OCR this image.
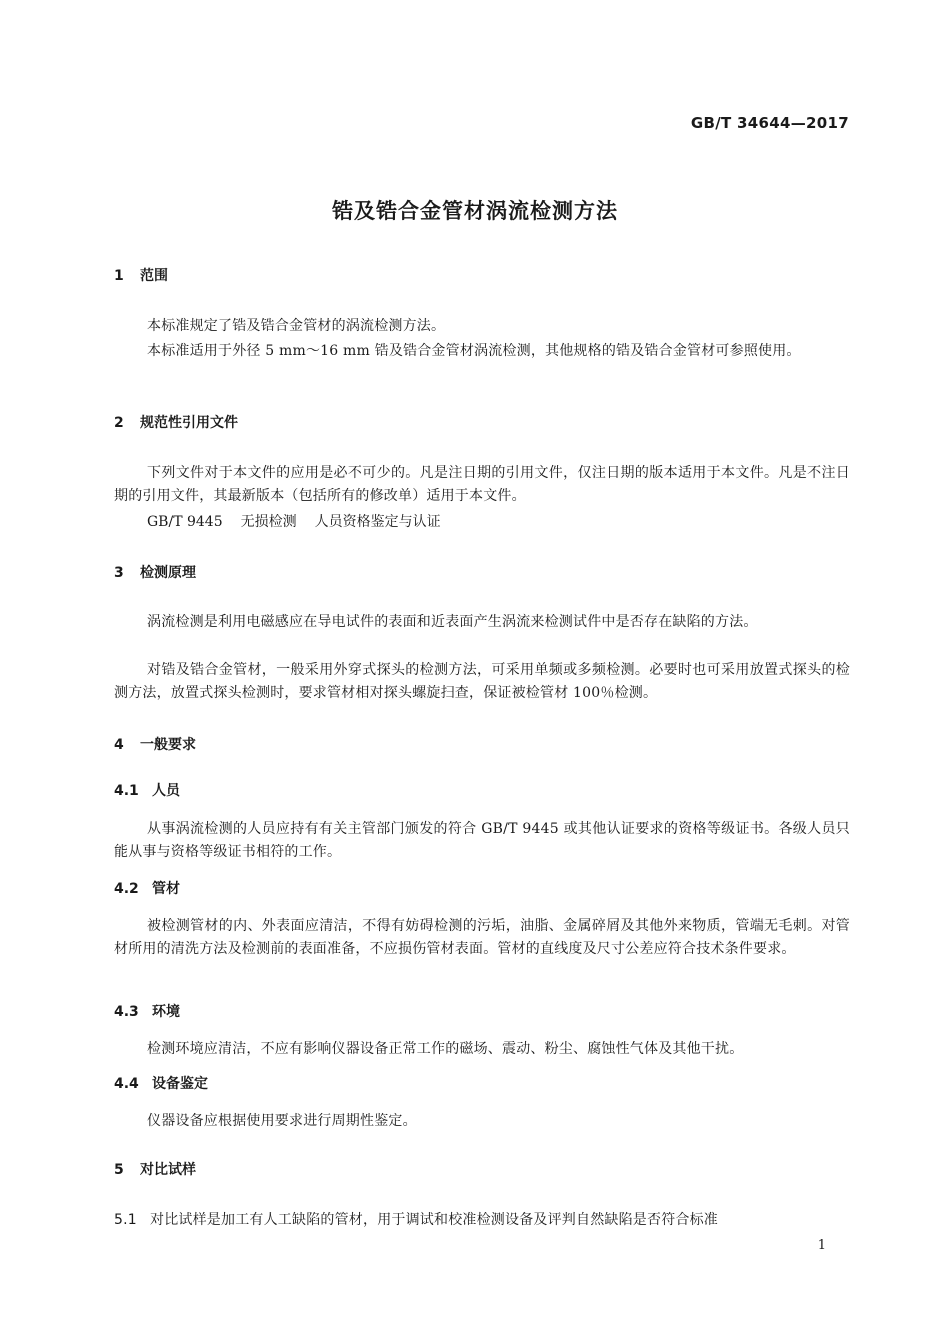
GB/T 34644—2017
锆及锆合金管材涡流检测方法
1 范围
本标准规定了锆及锆合金管材的涡流检测方法。
本标准适用于外径 5 mm～16 mm 锆及锆合金管材涡流检测，其他规格的锆及锆合金管材可参照使用。
2 规范性引用文件
下列文件对于本文件的应用是必不可少的。凡是注日期的引用文件，仅注日期的版本适用于本文件。凡是不注日期的引用文件，其最新版本（包括所有的修改单）适用于本文件。
GB/T 9445 无损检测 人员资格鉴定与认证
3 检测原理
涡流检测是利用电磁感应在导电试件的表面和近表面产生涡流来检测试件中是否存在缺陷的方法。
对锆及锆合金管材，一般采用外穿式探头的检测方法，可采用单频或多频检测。必要时也可采用放置式探头的检测方法，放置式探头检测时，要求管材相对探头螺旋扫查，保证被检管材 100％检测。
4 一般要求
4.1 人员
从事涡流检测的人员应持有有关主管部门颁发的符合 GB/T 9445 或其他认证要求的资格等级证书。各级人员只能从事与资格等级证书相符的工作。
4.2 管材
被检测管材的内、外表面应清洁，不得有妨碍检测的污垢，油脂、金属碎屑及其他外来物质，管端无毛刺。对管材所用的清洗方法及检测前的表面准备，不应损伤管材表面。管材的直线度及尺寸公差应符合技术条件要求。
4.3 环境
检测环境应清洁，不应有影响仪器设备正常工作的磁场、震动、粉尘、腐蚀性气体及其他干扰。
4.4 设备鉴定
仪器设备应根据使用要求进行周期性鉴定。
5 对比试样
5.1 对比试样是加工有人工缺陷的管材，用于调试和校准检测设备及评判自然缺陷是否符合标准
1
